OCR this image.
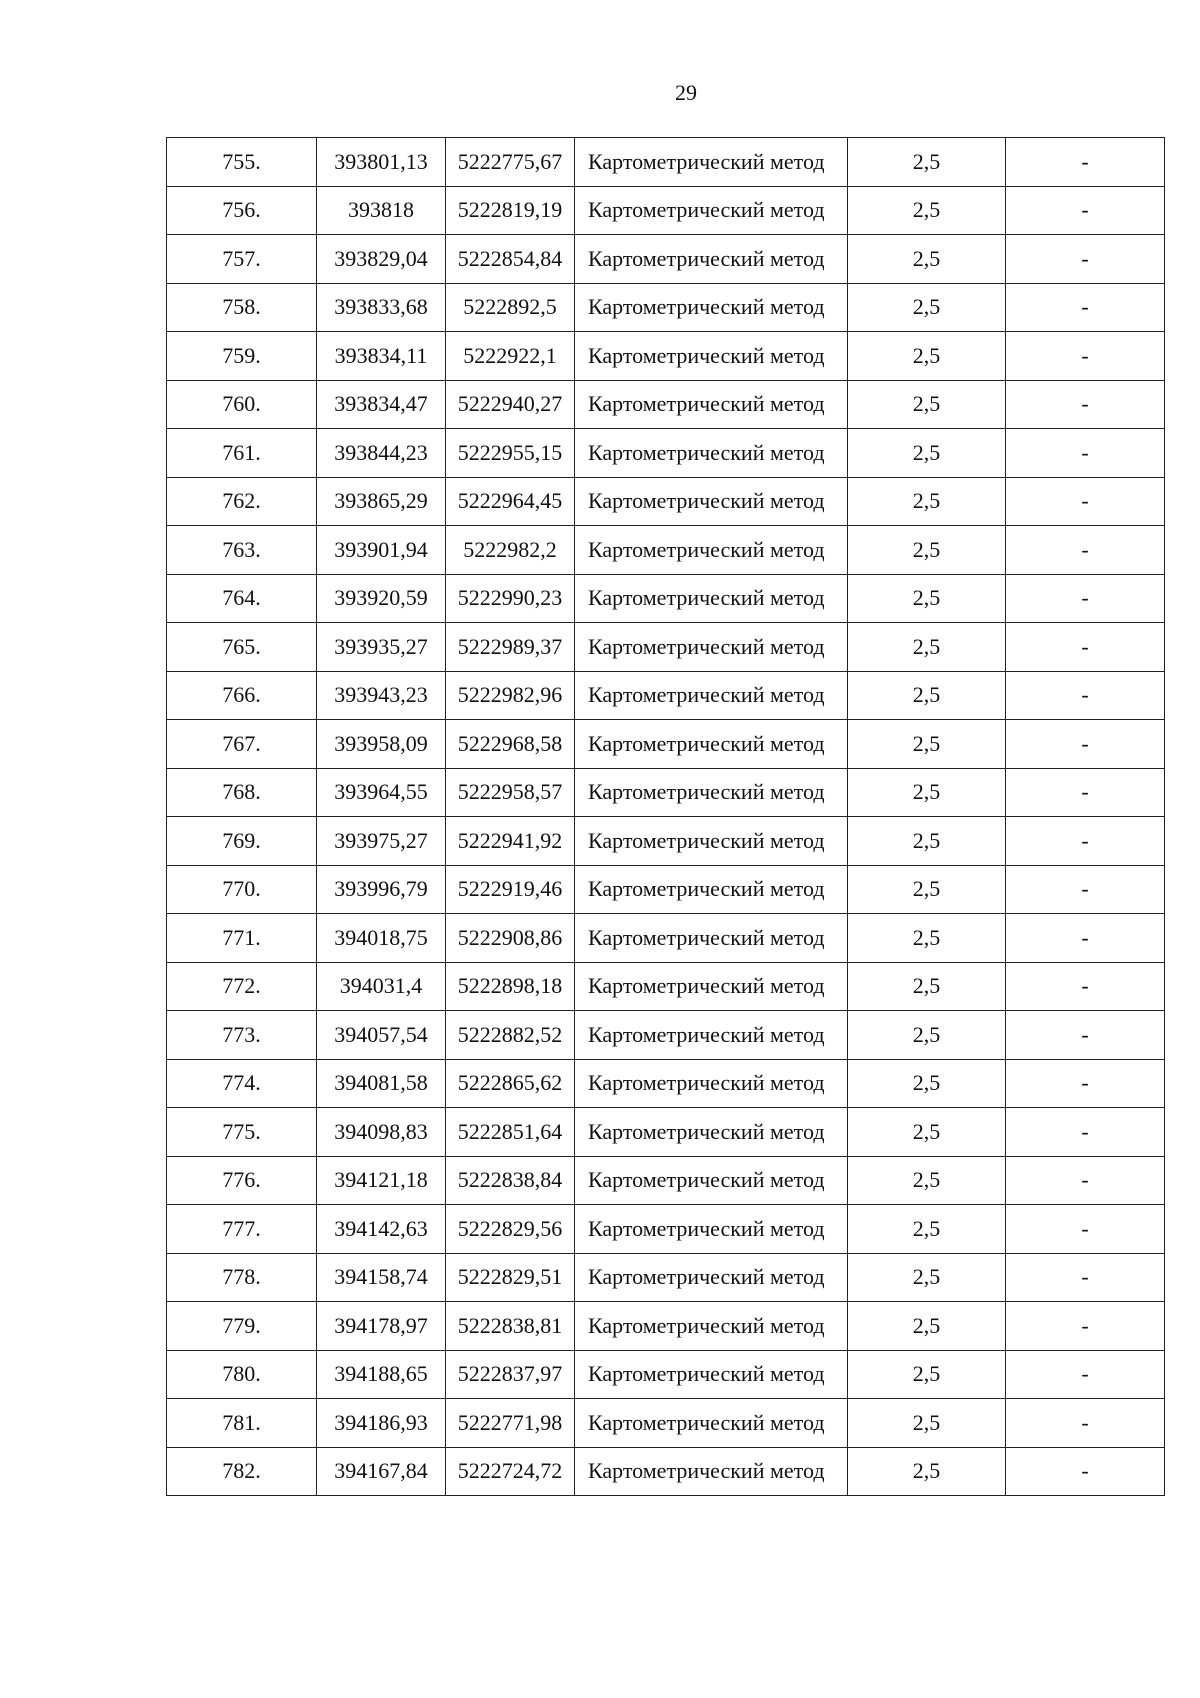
29
755.	393801,13	5222775,67	Картометрический метод	2,5	-
756.	393818	5222819,19	Картометрический метод	2,5	-
757.	393829,04	5222854,84	Картометрический метод	2,5	-
758.	393833,68	5222892,5	Картометрический метод	2,5	-
759.	393834,11	5222922,1	Картометрический метод	2,5	-
760.	393834,47	5222940,27	Картометрический метод	2,5	-
761.	393844,23	5222955,15	Картометрический метод	2,5	-
762.	393865,29	5222964,45	Картометрический метод	2,5	-
763.	393901,94	5222982,2	Картометрический метод	2,5	-
764.	393920,59	5222990,23	Картометрический метод	2,5	-
765.	393935,27	5222989,37	Картометрический метод	2,5	-
766.	393943,23	5222982,96	Картометрический метод	2,5	-
767.	393958,09	5222968,58	Картометрический метод	2,5	-
768.	393964,55	5222958,57	Картометрический метод	2,5	-
769.	393975,27	5222941,92	Картометрический метод	2,5	-
770.	393996,79	5222919,46	Картометрический метод	2,5	-
771.	394018,75	5222908,86	Картометрический метод	2,5	-
772.	394031,4	5222898,18	Картометрический метод	2,5	-
773.	394057,54	5222882,52	Картометрический метод	2,5	-
774.	394081,58	5222865,62	Картометрический метод	2,5	-
775.	394098,83	5222851,64	Картометрический метод	2,5	-
776.	394121,18	5222838,84	Картометрический метод	2,5	-
777.	394142,63	5222829,56	Картометрический метод	2,5	-
778.	394158,74	5222829,51	Картометрический метод	2,5	-
779.	394178,97	5222838,81	Картометрический метод	2,5	-
780.	394188,65	5222837,97	Картометрический метод	2,5	-
781.	394186,93	5222771,98	Картометрический метод	2,5	-
782.	394167,84	5222724,72	Картометрический метод	2,5	-
